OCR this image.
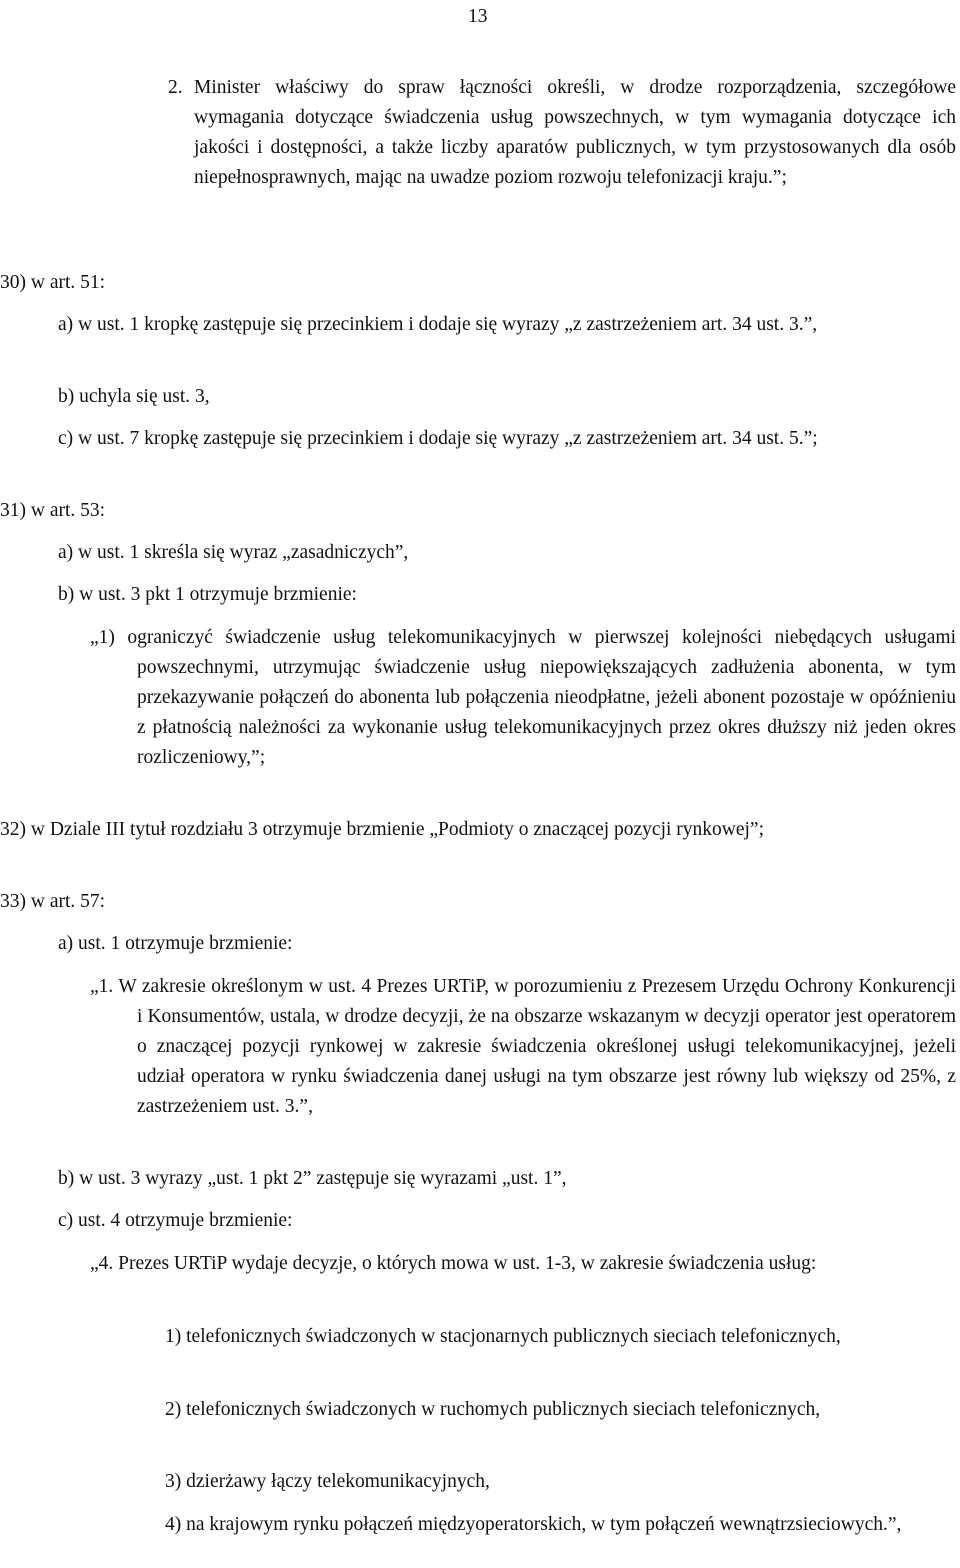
13
2. Minister właściwy do spraw łączności określi, w drodze rozporządzenia, szczegółowe wymagania dotyczące świadczenia usług powszechnych, w tym wymagania dotyczące ich jakości i dostępności, a także liczby aparatów publicznych, w tym przystosowanych dla osób niepełnosprawnych, mając na uwadze poziom rozwoju telefonizacji kraju.”;
30) w art. 51:
a) w ust. 1 kropkę zastępuje się przecinkiem i dodaje się wyrazy „z zastrzeżeniem art. 34 ust. 3.”,
b) uchyla się ust. 3,
c) w ust. 7 kropkę zastępuje się przecinkiem i dodaje się wyrazy „z zastrzeżeniem art. 34 ust. 5.”;
31) w art. 53:
a) w ust. 1 skreśla się wyraz „zasadniczych”,
b) w ust. 3 pkt 1 otrzymuje brzmienie:
„1) ograniczyć świadczenie usług telekomunikacyjnych w pierwszej kolejności niebędących usługami powszechnymi, utrzymując świadczenie usług niepowiększających zadłużenia abonenta, w tym przekazywanie połączeń do abonenta lub połączenia nieodpłatne, jeżeli abonent pozostaje w opóźnieniu z płatnością należności za wykonanie usług telekomunikacyjnych przez okres dłuższy niż jeden okres rozliczeniowy,”;
32) w Dziale III tytuł rozdziału 3 otrzymuje brzmienie „Podmioty o znaczącej pozycji rynkowej”;
33) w art. 57:
a) ust. 1 otrzymuje brzmienie:
„1. W zakresie określonym w ust. 4 Prezes URTiP, w porozumieniu z Prezesem Urzędu Ochrony Konkurencji i Konsumentów, ustala, w drodze decyzji, że na obszarze wskazanym w decyzji operator jest operatorem o znaczącej pozycji rynkowej w zakresie świadczenia określonej usługi telekomunikacyjnej, jeżeli udział operatora w rynku świadczenia danej usługi na tym obszarze jest równy lub większy od 25%, z zastrzeżeniem ust. 3.”,
b) w ust. 3 wyrazy „ust. 1 pkt 2” zastępuje się wyrazami „ust. 1”,
c) ust. 4 otrzymuje brzmienie:
„4. Prezes URTiP wydaje decyzje, o których mowa w ust. 1-3, w zakresie świadczenia usług:
1) telefonicznych świadczonych w stacjonarnych publicznych sieciach telefonicznych,
2) telefonicznych świadczonych w ruchomych publicznych sieciach telefonicznych,
3) dzierżawy łączy telekomunikacyjnych,
4) na krajowym rynku połączeń międzyoperatorskich, w tym połączeń wewnątrzsieciowych.”,
